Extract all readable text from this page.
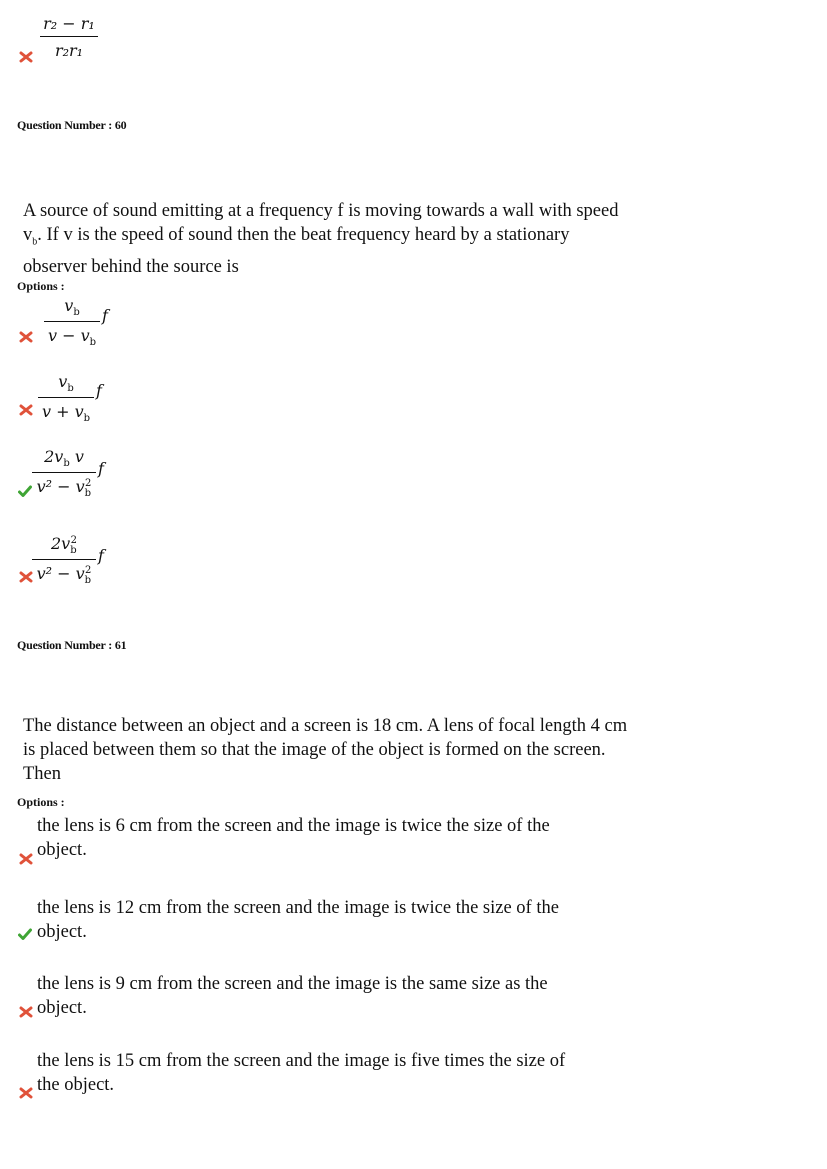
r₂ − r₁
r₂r₁
Question Number : 60
A source of sound emitting at a frequency f is moving towards a wall with speed
$v_b$. If v is the speed of sound then the beat frequency heard by a stationary
observer behind the source is
Options :
$v_b$
$v - v_b$
f
$v_b$
$v + v_b$
f
$2v_b$ v
$v^2 - v_b^2$
f
$2v_b^2$
$v^2 - v_b^2$
f
Question Number : 61
The distance between an object and a screen is 18 cm. A lens of focal length 4 cm
is placed between them so that the image of the object is formed on the screen.
Then
Options :
the lens is 6 cm from the screen and the image is twice the size of the
object.
the lens is 12 cm from the screen and the image is twice the size of the
object.
the lens is 9 cm from the screen and the image is the same size as the
object.
the lens is 15 cm from the screen and the image is five times the size of
the object.
